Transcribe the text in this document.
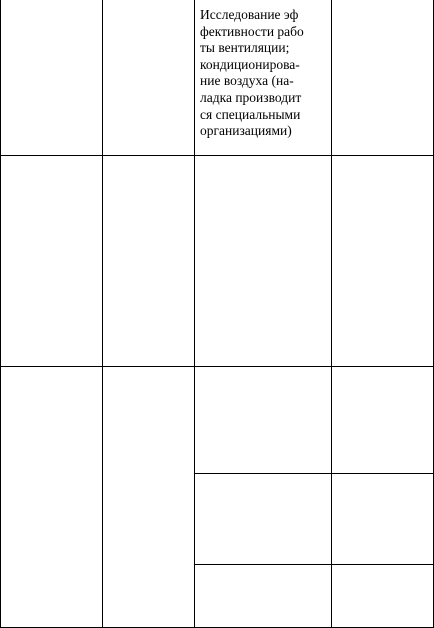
Исследование эф
фективности рабо
ты вентиляции;
кондиционирова-
ние воздуха (на-
ладка производит
ся специальными
организациями)
